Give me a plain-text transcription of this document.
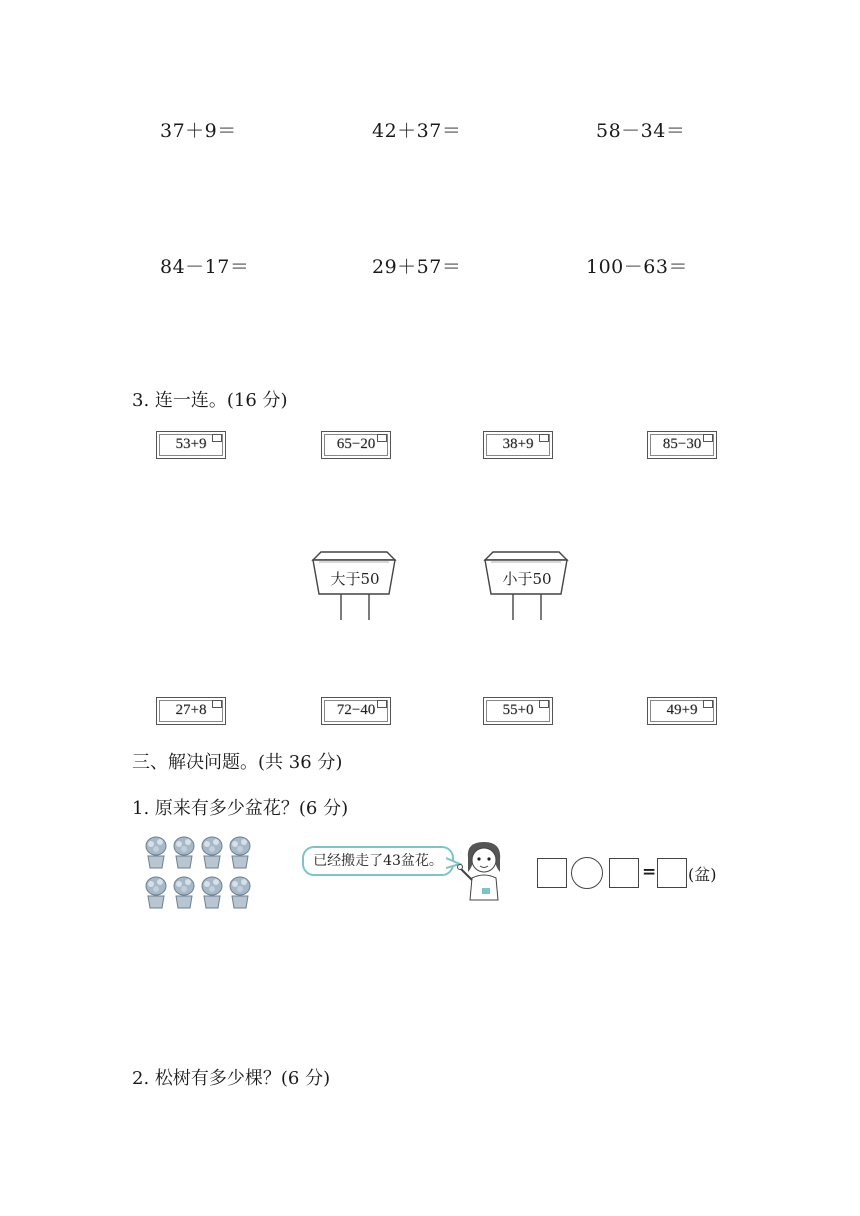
37＋9＝	42＋37＝	58－34＝
84－17＝	29＋57＝	100－63＝
3. 连一连。(16 分)
53+9	65−20	38+9	85−30
大于50	小于50
27+8	72−40	55+0	49+9
三、解决问题。(共 36 分)
1. 原来有多少盆花？(6 分)
已经搬走了43盆花。
= (盆)
2. 松树有多少棵？(6 分)
